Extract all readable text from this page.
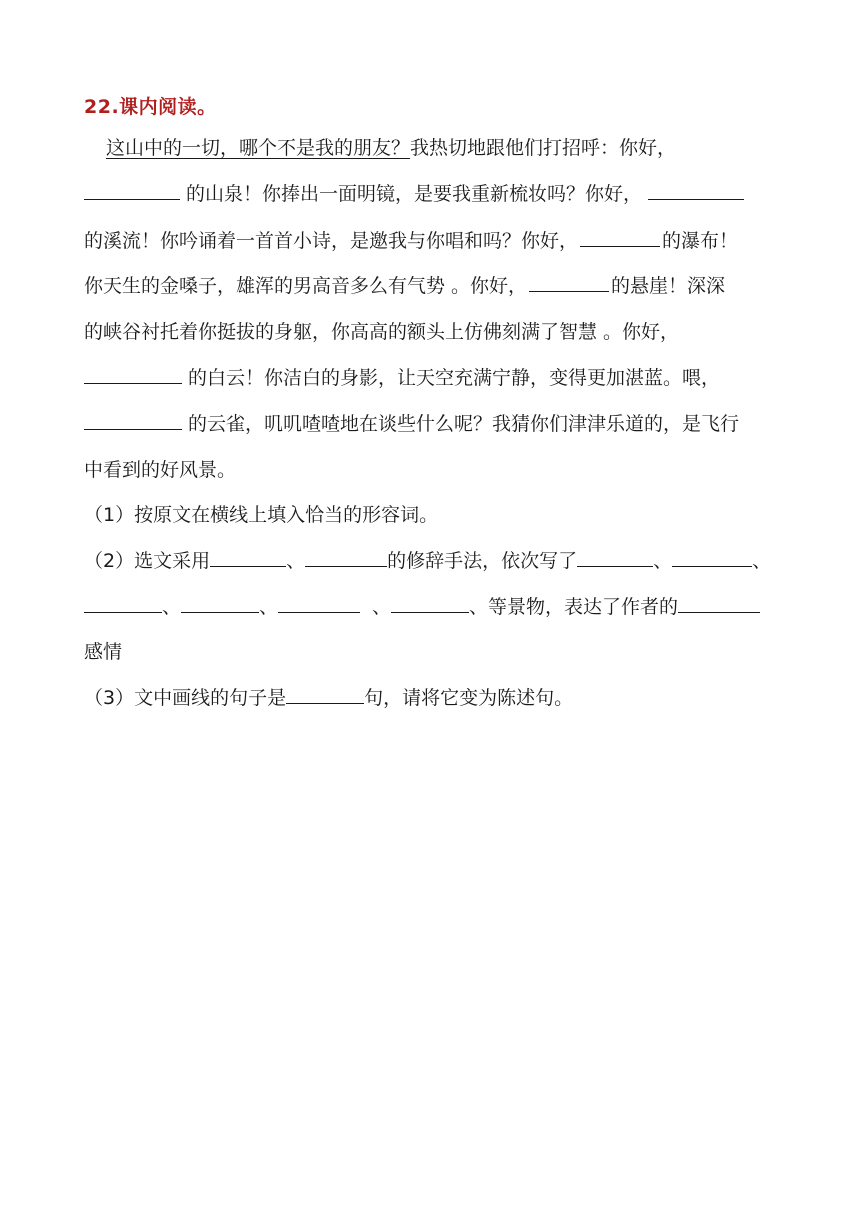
22.课内阅读。
这山中的一切，哪个不是我的朋友？我热切地跟他们打招呼：你好，
的山泉！你捧出一面明镜，是要我重新梳妆吗？你好，
的溪流！你吟诵着一首首小诗，是邀我与你唱和吗？你好，	的瀑布！
你天生的金嗓子，雄浑的男高音多么有气势 。你好，	的悬崖！深深
的峡谷衬托着你挺拔的身躯，你高高的额头上仿佛刻满了智慧 。你好，
的白云！你洁白的身影，让天空充满宁静，变得更加湛蓝。喂，
的云雀，叽叽喳喳地在谈些什么呢？我猜你们津津乐道的，是飞行
中看到的好风景。
（1）按原文在横线上填入恰当的形容词。
（2）选文采用	、	的修辞手法，依次写了	、	、
、	、	、	、等景物，表达了作者的
感情
（3）文中画线的句子是	句，请将它变为陈述句。
